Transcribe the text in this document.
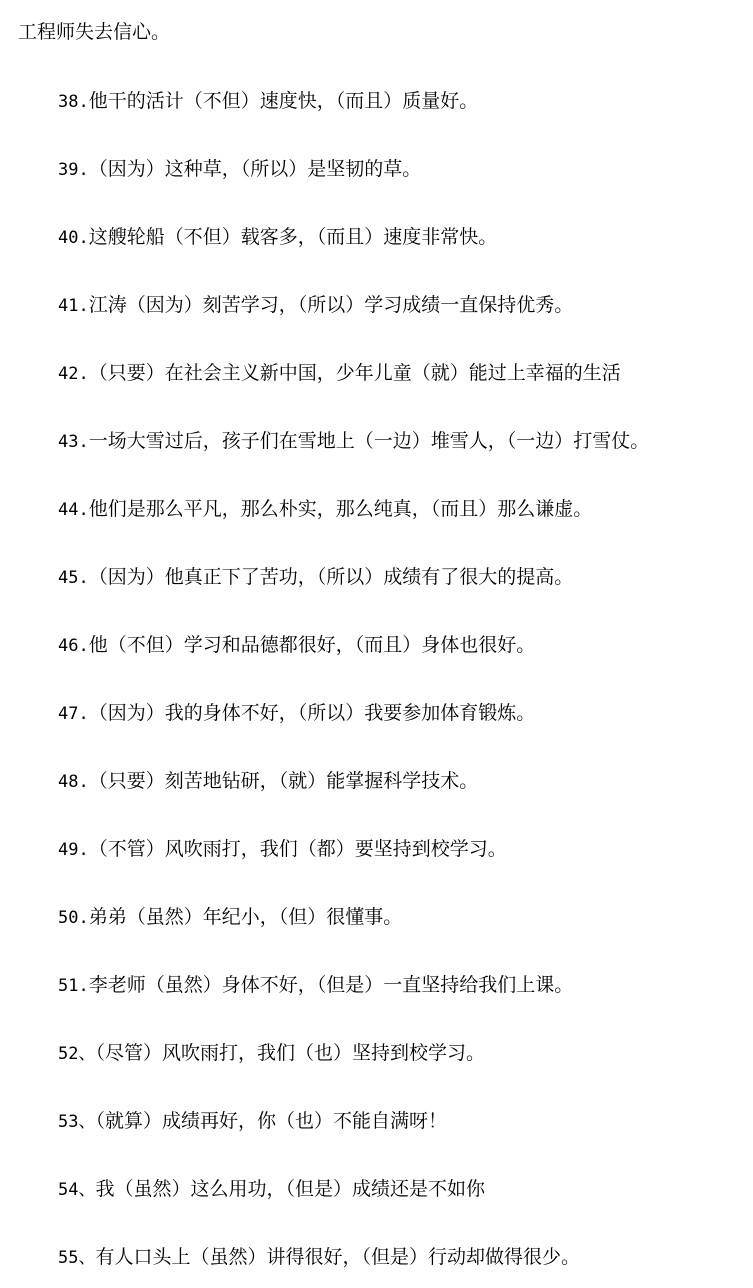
工程师失去信心。
38.他干的活计（不但）速度快，（而且）质量好。
39.（因为）这种草，（所以）是坚韧的草。
40.这艘轮船（不但）载客多，（而且）速度非常快。
41.江涛（因为）刻苦学习，（所以）学习成绩一直保持优秀。
42.（只要）在社会主义新中国，少年儿童（就）能过上幸福的生活
43.一场大雪过后，孩子们在雪地上（一边）堆雪人，（一边）打雪仗。
44.他们是那么平凡，那么朴实，那么纯真，（而且）那么谦虚。
45.（因为）他真正下了苦功，（所以）成绩有了很大的提高。
46.他（不但）学习和品德都很好，（而且）身体也很好。
47.（因为）我的身体不好，（所以）我要参加体育锻炼。
48.（只要）刻苦地钻研，（就）能掌握科学技术。
49.（不管）风吹雨打，我们（都）要坚持到校学习。
50.弟弟（虽然）年纪小，（但）很懂事。
51.李老师（虽然）身体不好，（但是）一直坚持给我们上课。
52、（尽管）风吹雨打，我们（也）坚持到校学习。
53、（就算）成绩再好，你（也）不能自满呀！
54、我（虽然）这么用功，（但是）成绩还是不如你
55、有人口头上（虽然）讲得很好，（但是）行动却做得很少。
